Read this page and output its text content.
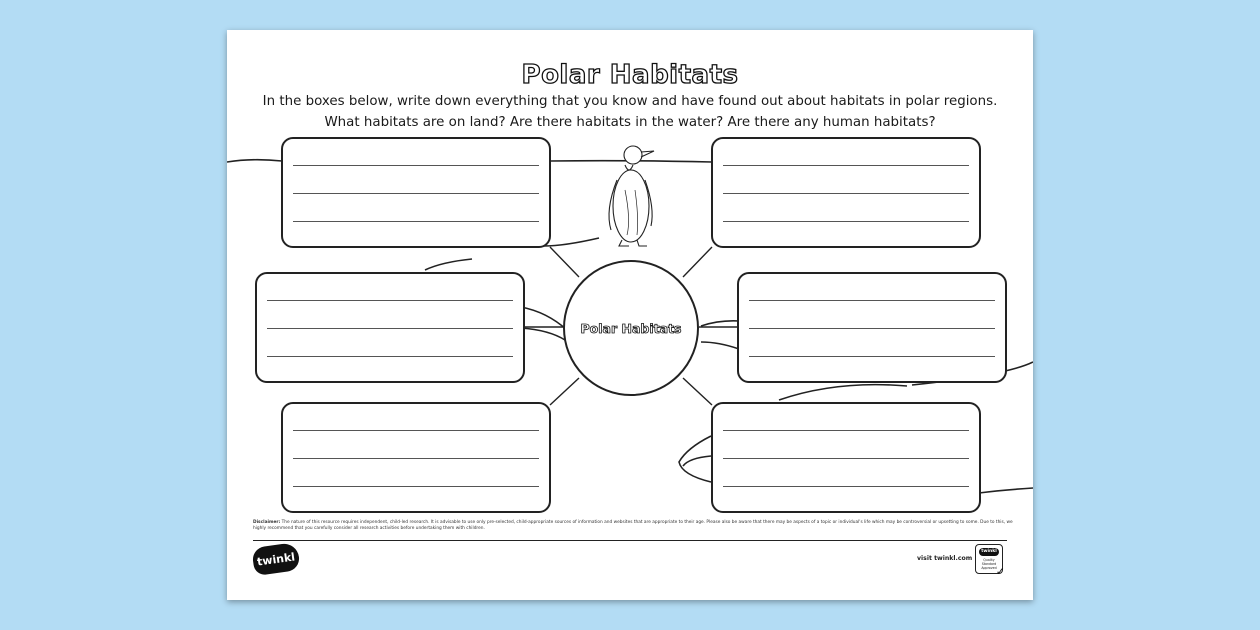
Polar Habitats
In the boxes below, write down everything that you know and have found out about habitats in polar regions.
What habitats are on land? Are there habitats in the water? Are there any human habitats?
Polar Habitats
Disclaimer: The nature of this resource requires independent, child-led research. It is advisable to use only pre-selected, child-appropriate sources of information and websites that are appropriate to their age. Please also be aware that there may be aspects of a topic or individual's life which may be controversial or upsetting to some. Due to this, we highly recommend that you carefully consider all research activities before undertaking them with children.
twinkl	visit twinkl.com
twinkl
Quality Standard Approved ✓
